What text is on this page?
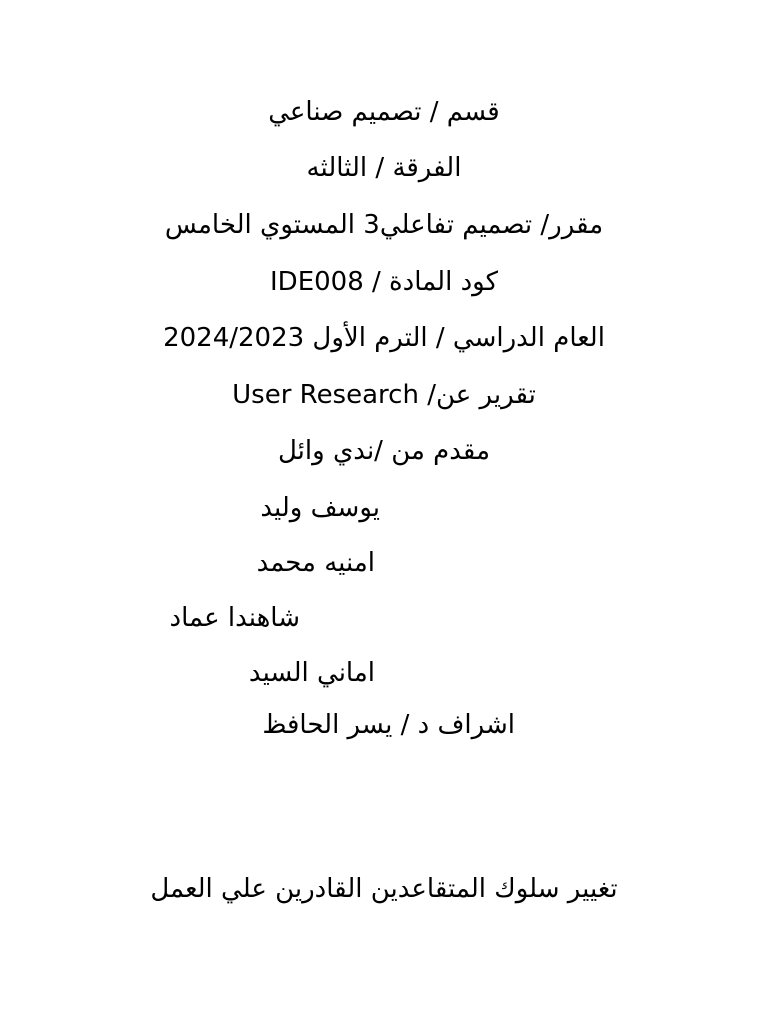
قسم / تصميم صناعي
الفرقة / الثالثه
مقرر/ تصميم تفاعلي3 المستوي الخامس
IDE008 / كود المادة
العام الدراسي / الترم الأول 2024/2023
User Research /تقرير عن
مقدم من /ندي وائل
يوسف وليد
امنيه محمد
شاهندا عماد
اماني السيد
اشراف د / يسر الحافظ
تغيير سلوك المتقاعدين القادرين علي العمل
